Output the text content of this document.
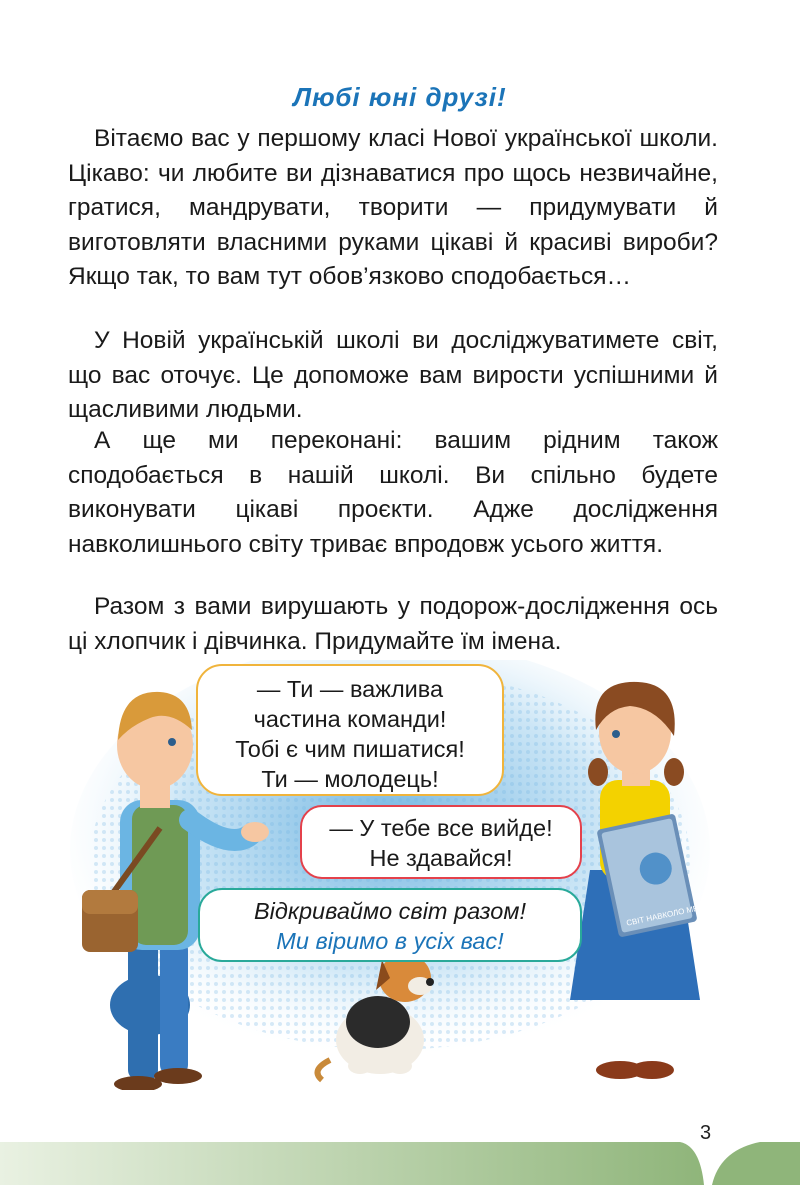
Любі юні друзі!

Вітаємо вас у першому класі Нової української школи. Цікаво: чи любите ви дізнаватися про щось незвичайне, гратися, мандрувати, творити — придумувати й виготовляти власними руками цікаві й красиві вироби? Якщо так, то вам тут обов’язково сподобається…

У Новій українській школі ви досліджуватимете світ, що вас оточує. Це допоможе вам вирости успішними й щасливими людьми.

А ще ми переконані: вашим рідним також сподобається в нашій школі. Ви спільно будете виконувати цікаві проєкти. Адже дослідження навколишнього світу триває впродовж усього життя.

Разом з вами вирушають у подорож-дослідження ось ці хлопчик і дівчинка. Придумайте їм імена.

СВІТ НАВКОЛО МЕНЕ
— Ти — важлива
частина команди!
Тобі є чим пишатися!
Ти — молодець!
— У тебе все вийде!
Не здавайся!
Відкриваймо світ разом!
Ми віримо в усіх вас!
3
